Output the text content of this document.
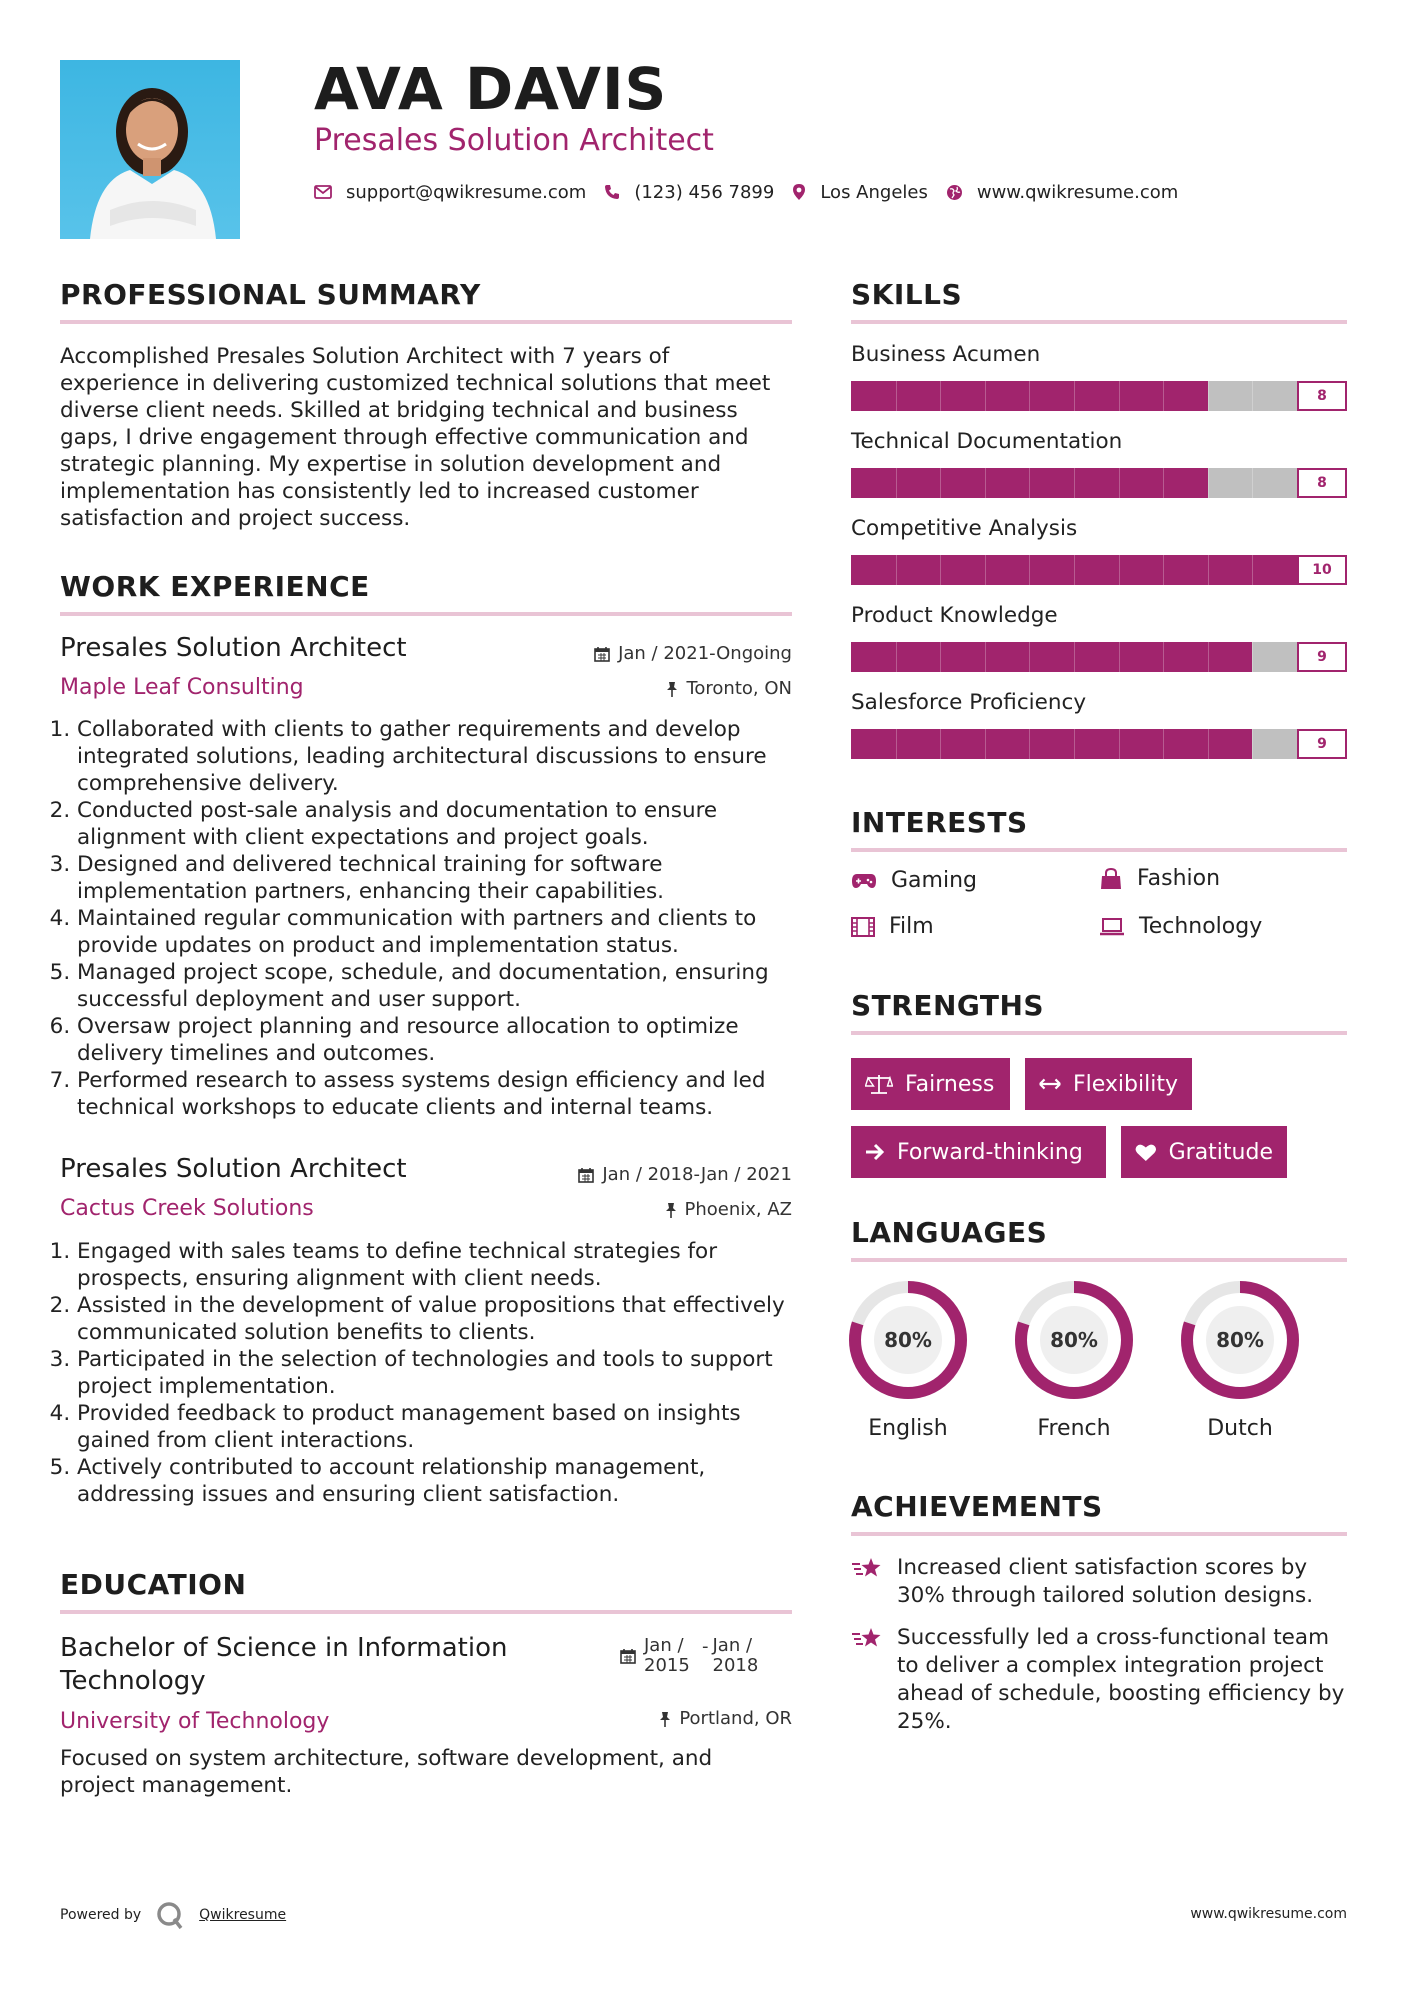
AVA DAVIS
Presales Solution Architect
support@qwikresume.com	(123) 456 7899	Los Angeles	www.qwikresume.com
PROFESSIONAL SUMMARY
Accomplished Presales Solution Architect with 7 years of experience in delivering customized technical solutions that meet diverse client needs. Skilled at bridging technical and business gaps, I drive engagement through effective communication and strategic planning. My expertise in solution development and implementation has consistently led to increased customer satisfaction and project success.
WORK EXPERIENCE
Presales Solution Architect	Jan / 2021-Ongoing
Maple Leaf Consulting	Toronto, ON
1. Collaborated with clients to gather requirements and develop integrated solutions, leading architectural discussions to ensure comprehensive delivery.
2. Conducted post-sale analysis and documentation to ensure alignment with client expectations and project goals.
3. Designed and delivered technical training for software implementation partners, enhancing their capabilities.
4. Maintained regular communication with partners and clients to provide updates on product and implementation status.
5. Managed project scope, schedule, and documentation, ensuring successful deployment and user support.
6. Oversaw project planning and resource allocation to optimize delivery timelines and outcomes.
7. Performed research to assess systems design efficiency and led technical workshops to educate clients and internal teams.
Presales Solution Architect	Jan / 2018-Jan / 2021
Cactus Creek Solutions	Phoenix, AZ
1. Engaged with sales teams to define technical strategies for prospects, ensuring alignment with client needs.
2. Assisted in the development of value propositions that effectively communicated solution benefits to clients.
3. Participated in the selection of technologies and tools to support project implementation.
4. Provided feedback to product management based on insights gained from client interactions.
5. Actively contributed to account relationship management, addressing issues and ensuring client satisfaction.
EDUCATION
Bachelor of Science in Information Technology
Jan / 2015
- Jan / 2018
University of Technology	Portland, OR
Focused on system architecture, software development, and project management.
SKILLS
Business Acumen
8
Technical Documentation
8
Competitive Analysis
10
Product Knowledge
9
Salesforce Proficiency
9
INTERESTS
Gaming	Fashion
Film	Technology
STRENGTHS
Fairness	Flexibility
Forward-thinking	Gratitude
LANGUAGES
80%
English
80%
French
80%
Dutch
ACHIEVEMENTS
Increased client satisfaction scores by 30% through tailored solution designs.
Successfully led a cross-functional team to deliver a complex integration project ahead of schedule, boosting efficiency by 25%.
Powered by	Qwikresume	www.qwikresume.com
